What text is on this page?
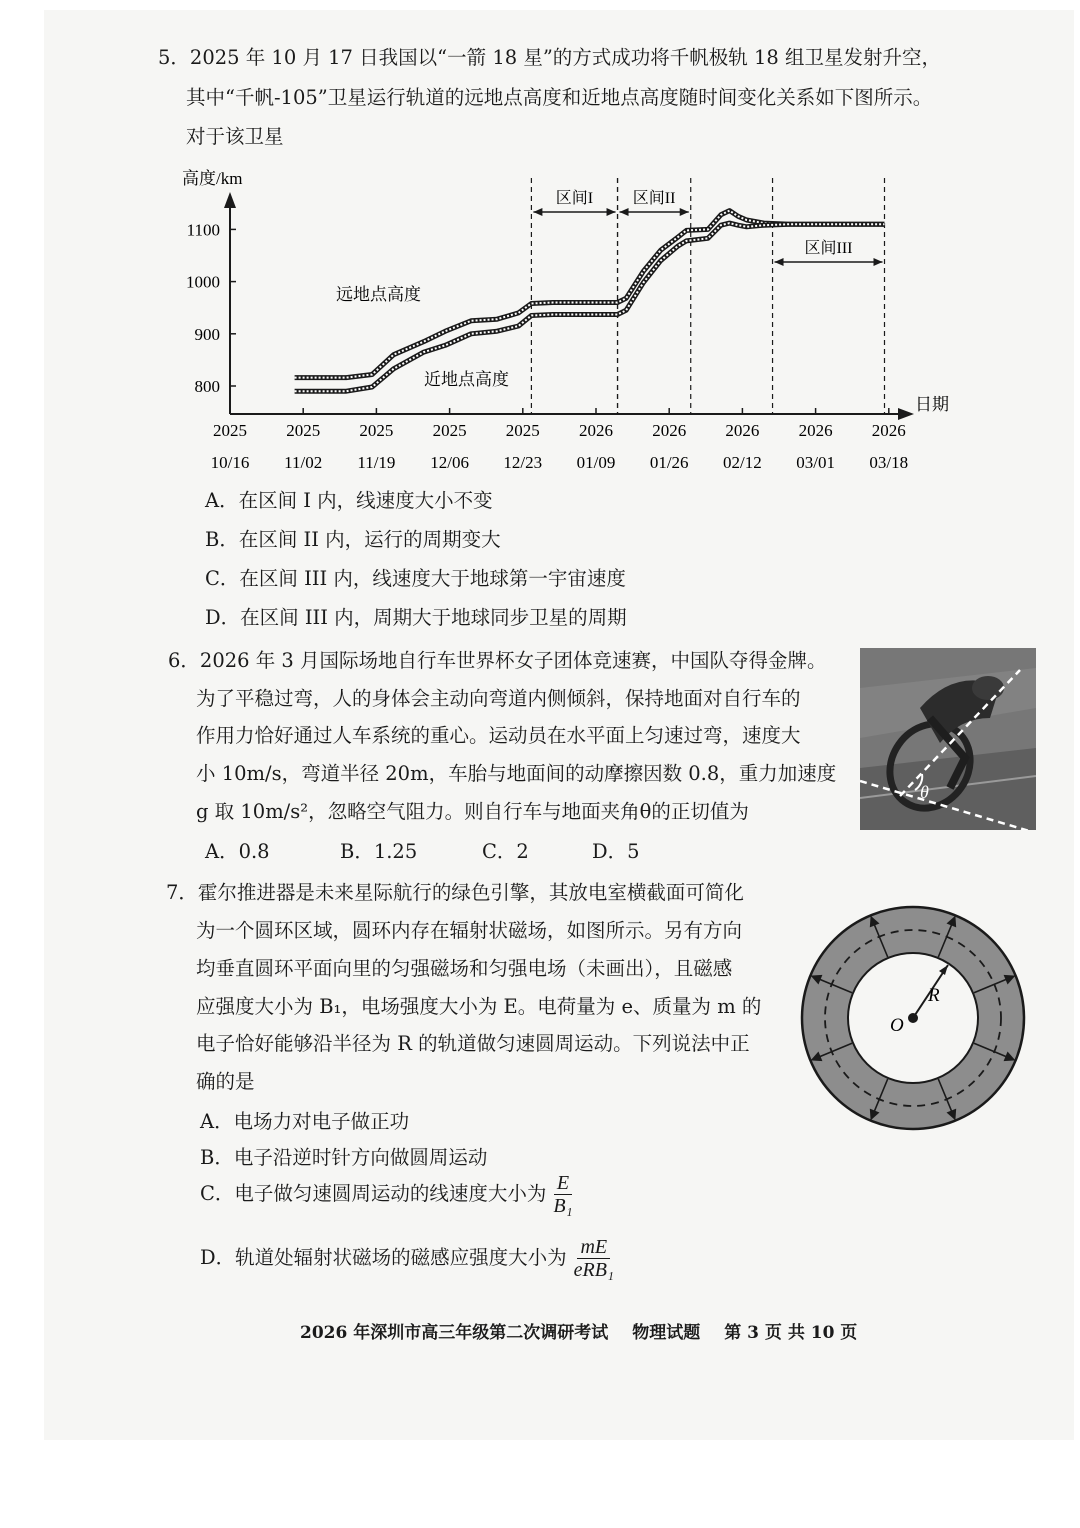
5．2025 年 10 月 17 日我国以“一箭 18 星”的方式成功将千帆极轨 18 组卫星发射升空，
其中“千帆-105”卫星运行轨道的远地点高度和近地点高度随时间变化关系如下图所示。
对于该卫星
高度/km
日期
区间I 区间II
区间III
800
900
1000
1100
2025
10/16
2025
11/02
2025
11/19
2025
12/06
2025
12/23
2026
01/09
2026
01/26
2026
02/12
2026
03/01
2026
03/18
远地点高度
近地点高度
A．在区间 I 内，线速度大小不变
B．在区间 II 内，运行的周期变大
C．在区间 III 内，线速度大于地球第一宇宙速度
D．在区间 III 内，周期大于地球同步卫星的周期
6．2026 年 3 月国际场地自行车世界杯女子团体竞速赛，中国队夺得金牌。
为了平稳过弯，人的身体会主动向弯道内侧倾斜，保持地面对自行车的
作用力恰好通过人车系统的重心。运动员在水平面上匀速过弯，速度大
小 10m/s，弯道半径 20m，车胎与地面间的动摩擦因数 0.8，重力加速度
g 取 10m/s²，忽略空气阻力。则自行车与地面夹角θ的正切值为
A．0.8	B．1.25	C．2	D．5
θ
7．霍尔推进器是未来星际航行的绿色引擎，其放电室横截面可简化
为一个圆环区域，圆环内存在辐射状磁场，如图所示。另有方向
均垂直圆环平面向里的匀强磁场和匀强电场（未画出），且磁感
应强度大小为 B₁，电场强度大小为 E。电荷量为 e、质量为 m 的
电子恰好能够沿半径为 R 的轨道做匀速圆周运动。下列说法中正
确的是
A．电场力对电子做正功
B．电子沿逆时针方向做圆周运动
C．电子做匀速圆周运动的线速度大小为 $\frac{E}{\text{B₁}}$
D．轨道处辐射状磁场的磁感应强度大小为 $\frac{mE}{\text{eRB₁}}$
R
O
2026 年深圳市高三年级第二次调研考试 物理试题 第 3 页 共 10 页
